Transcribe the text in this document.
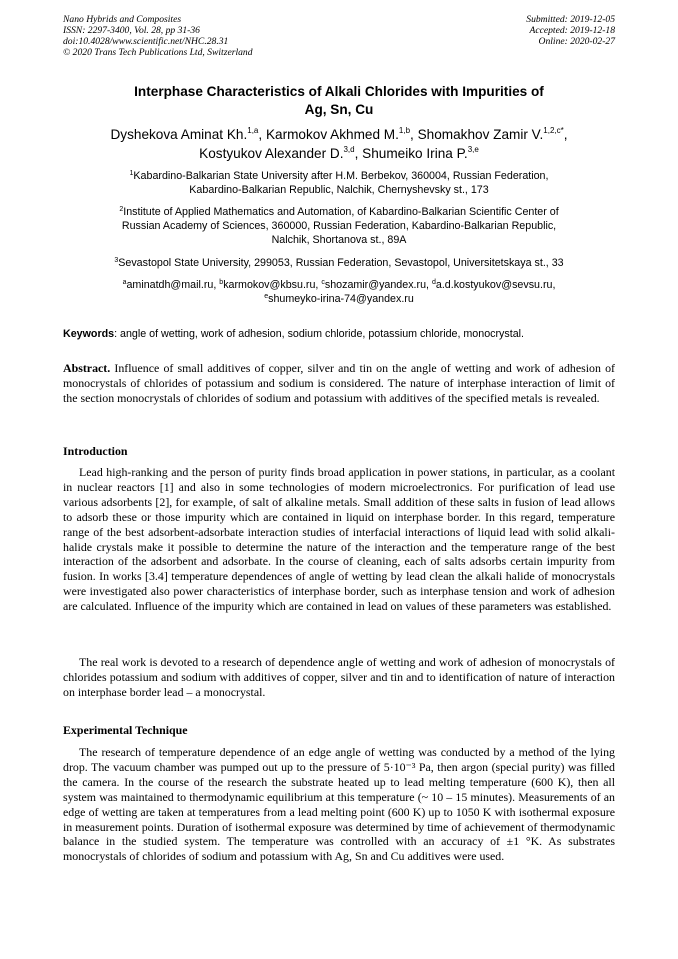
Nano Hybrids and Composites
ISSN: 2297-3400, Vol. 28, pp 31-36
doi:10.4028/www.scientific.net/NHC.28.31
© 2020 Trans Tech Publications Ltd, Switzerland
Submitted: 2019-12-05
Accepted: 2019-12-18
Online: 2020-02-27
Interphase Characteristics of Alkali Chlorides with Impurities of
Ag, Sn, Cu
Dyshekova Aminat Kh.$^{1,a}$, Karmokov Akhmed M.$^{1,b}$, Shomakhov Zamir V.$^{1,2,c*}$,
Kostyukov Alexander D.$^{3,d}$, Shumeiko Irina P.$^{3,e}$
$^1$Kabardino-Balkarian State University after H.M. Berbekov, 360004, Russian Federation,
Kabardino-Balkarian Republic, Nalchik, Chernyshevsky st., 173
$^2$Institute of Applied Mathematics and Automation, of Kabardino-Balkarian Scientific Center of
Russian Academy of Sciences, 360000, Russian Federation, Kabardino-Balkarian Republic,
Nalchik, Shortanova st., 89A
$^3$Sevastopol State University, 299053, Russian Federation, Sevastopol, Universitetskaya st., 33
$^a$aminatdh@mail.ru, $^b$karmokov@kbsu.ru, $^c$shozamir@yandex.ru, $^d$a.d.kostyukov@sevsu.ru,
$^e$shumeyko-irina-74@yandex.ru
Keywords: angle of wetting, work of adhesion, sodium chloride, potassium chloride, monocrystal.
Abstract. Influence of small additives of copper, silver and tin on the angle of wetting and work of adhesion of monocrystals of chlorides of potassium and sodium is considered. The nature of interphase interaction of limit of the section monocrystals of chlorides of sodium and potassium with additives of the specified metals is revealed.
Introduction
Lead high-ranking and the person of purity finds broad application in power stations, in particular, as a coolant in nuclear reactors [1] and also in some technologies of modern microelectronics. For purification of lead use various adsorbents [2], for example, of salt of alkaline metals. Small addition of these salts in fusion of lead allows to adsorb these or those impurity which are contained in liquid on interphase border. In this regard, temperature range of the best adsorbent-adsorbate interaction studies of interfacial interactions of liquid lead with solid alkali-halide crystals make it possible to determine the nature of the interaction and the temperature range of the best interaction of the adsorbent and adsorbate. In the course of cleaning, each of salts adsorbs certain impurity from fusion. In works [3.4] temperature dependences of angle of wetting by lead clean the alkali halide of monocrystals were investigated also power characteristics of interphase border, such as interphase tension and work of adhesion are calculated. Influence of the impurity which are contained in lead on values of these parameters was established.
The real work is devoted to a research of dependence angle of wetting and work of adhesion of monocrystals of chlorides potassium and sodium with additives of copper, silver and tin and to identification of nature of interaction on interphase border lead – a monocrystal.
Experimental Technique
The research of temperature dependence of an edge angle of wetting was conducted by a method of the lying drop. The vacuum chamber was pumped out up to the pressure of 5·10⁻³ Pa, then argon (special purity) was filled the camera. In the course of the research the substrate heated up to lead melting temperature (600 K), then all system was maintained to thermodynamic equilibrium at this temperature (~ 10 – 15 minutes). Measurements of an edge of wetting are taken at temperatures from a lead melting point (600 K) up to 1050 K with isothermal exposure in measurement points. Duration of isothermal exposure was determined by time of achievement of thermodynamic balance in the studied system. The temperature was controlled with an accuracy of ±1 °K. As substrates monocrystals of chlorides of sodium and potassium with Ag, Sn and Cu additives were used.
